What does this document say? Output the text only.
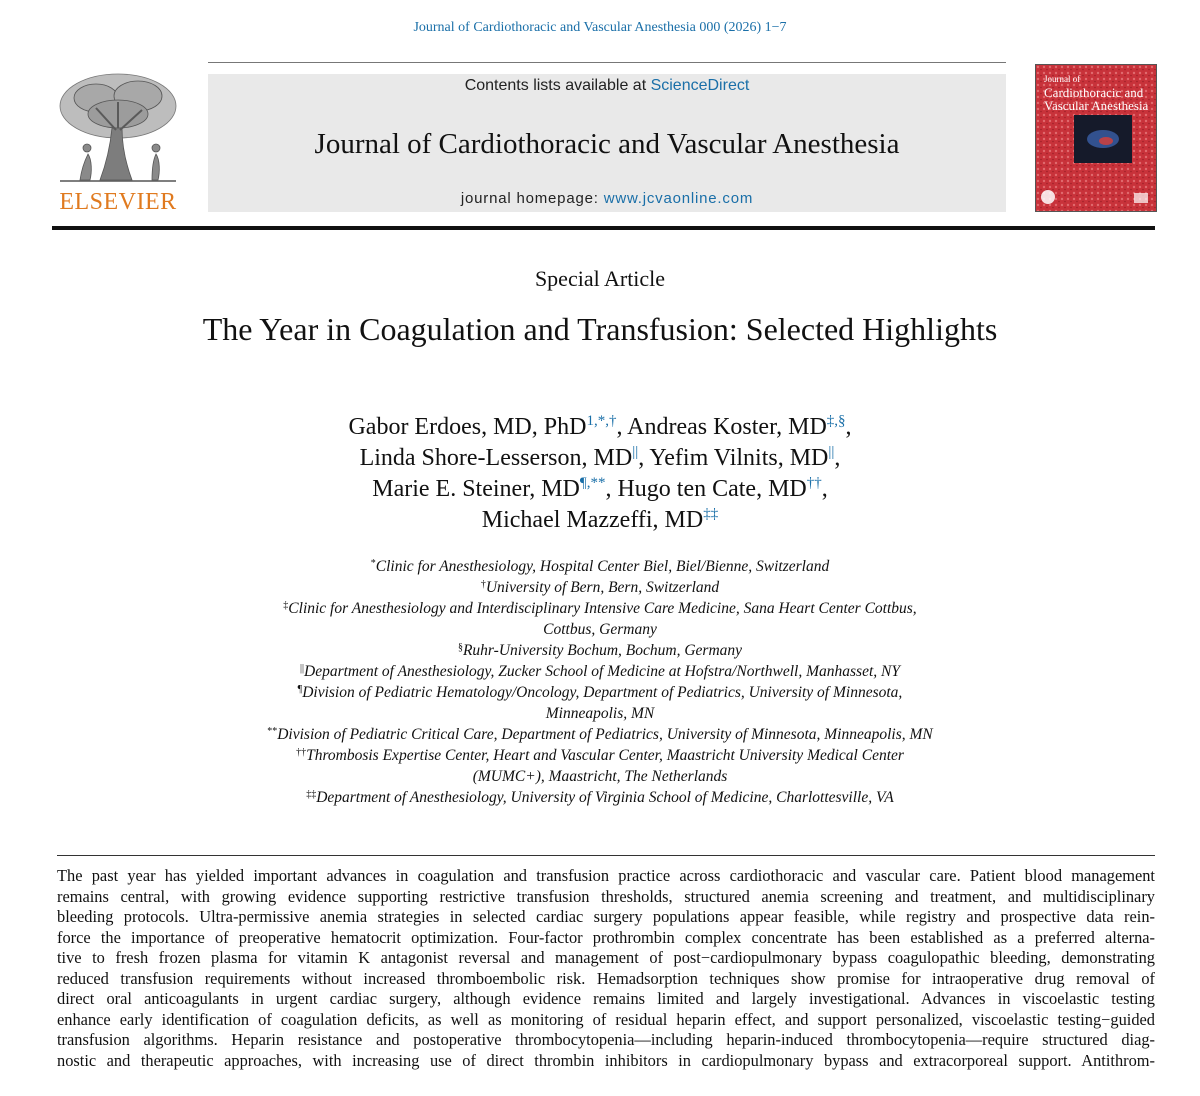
Journal of Cardiothoracic and Vascular Anesthesia 000 (2026) 1−7
ELSEVIER
Contents lists available at ScienceDirect
Journal of Cardiothoracic and Vascular Anesthesia
journal homepage: www.jcvaonline.com
Journal of
Cardiothoracic and
Vascular Anesthesia
Special Article
The Year in Coagulation and Transfusion: Selected Highlights
Gabor Erdoes, MD, PhD$^{1,*,\dagger}$, Andreas Koster, MD‡,§,
Linda Shore-Lesserson, MD||, Yefim Vilnits, MD||,
Marie E. Steiner, MD¶,**, Hugo ten Cate, MD††,
Michael Mazzeffi, MD‡‡
*Clinic for Anesthesiology, Hospital Center Biel, Biel/Bienne, Switzerland
†University of Bern, Bern, Switzerland
‡Clinic for Anesthesiology and Interdisciplinary Intensive Care Medicine, Sana Heart Center Cottbus,
Cottbus, Germany
§Ruhr-University Bochum, Bochum, Germany
||Department of Anesthesiology, Zucker School of Medicine at Hofstra/Northwell, Manhasset, NY
¶Division of Pediatric Hematology/Oncology, Department of Pediatrics, University of Minnesota,
Minneapolis, MN
**Division of Pediatric Critical Care, Department of Pediatrics, University of Minnesota, Minneapolis, MN
††Thrombosis Expertise Center, Heart and Vascular Center, Maastricht University Medical Center
(MUMC+), Maastricht, The Netherlands
‡‡Department of Anesthesiology, University of Virginia School of Medicine, Charlottesville, VA
The past year has yielded important advances in coagulation and transfusion practice across cardiothoracic and vascular care. Patient blood management
remains central, with growing evidence supporting restrictive transfusion thresholds, structured anemia screening and treatment, and multidisciplinary
bleeding protocols. Ultra-permissive anemia strategies in selected cardiac surgery populations appear feasible, while registry and prospective data rein-
force the importance of preoperative hematocrit optimization. Four-factor prothrombin complex concentrate has been established as a preferred alterna-
tive to fresh frozen plasma for vitamin K antagonist reversal and management of post−cardiopulmonary bypass coagulopathic bleeding, demonstrating
reduced transfusion requirements without increased thromboembolic risk. Hemadsorption techniques show promise for intraoperative drug removal of
direct oral anticoagulants in urgent cardiac surgery, although evidence remains limited and largely investigational. Advances in viscoelastic testing
enhance early identification of coagulation deficits, as well as monitoring of residual heparin effect, and support personalized, viscoelastic testing−guided
transfusion algorithms. Heparin resistance and postoperative thrombocytopenia—including heparin-induced thrombocytopenia—require structured diag-
nostic and therapeutic approaches, with increasing use of direct thrombin inhibitors in cardiopulmonary bypass and extracorporeal support. Antithrom-
